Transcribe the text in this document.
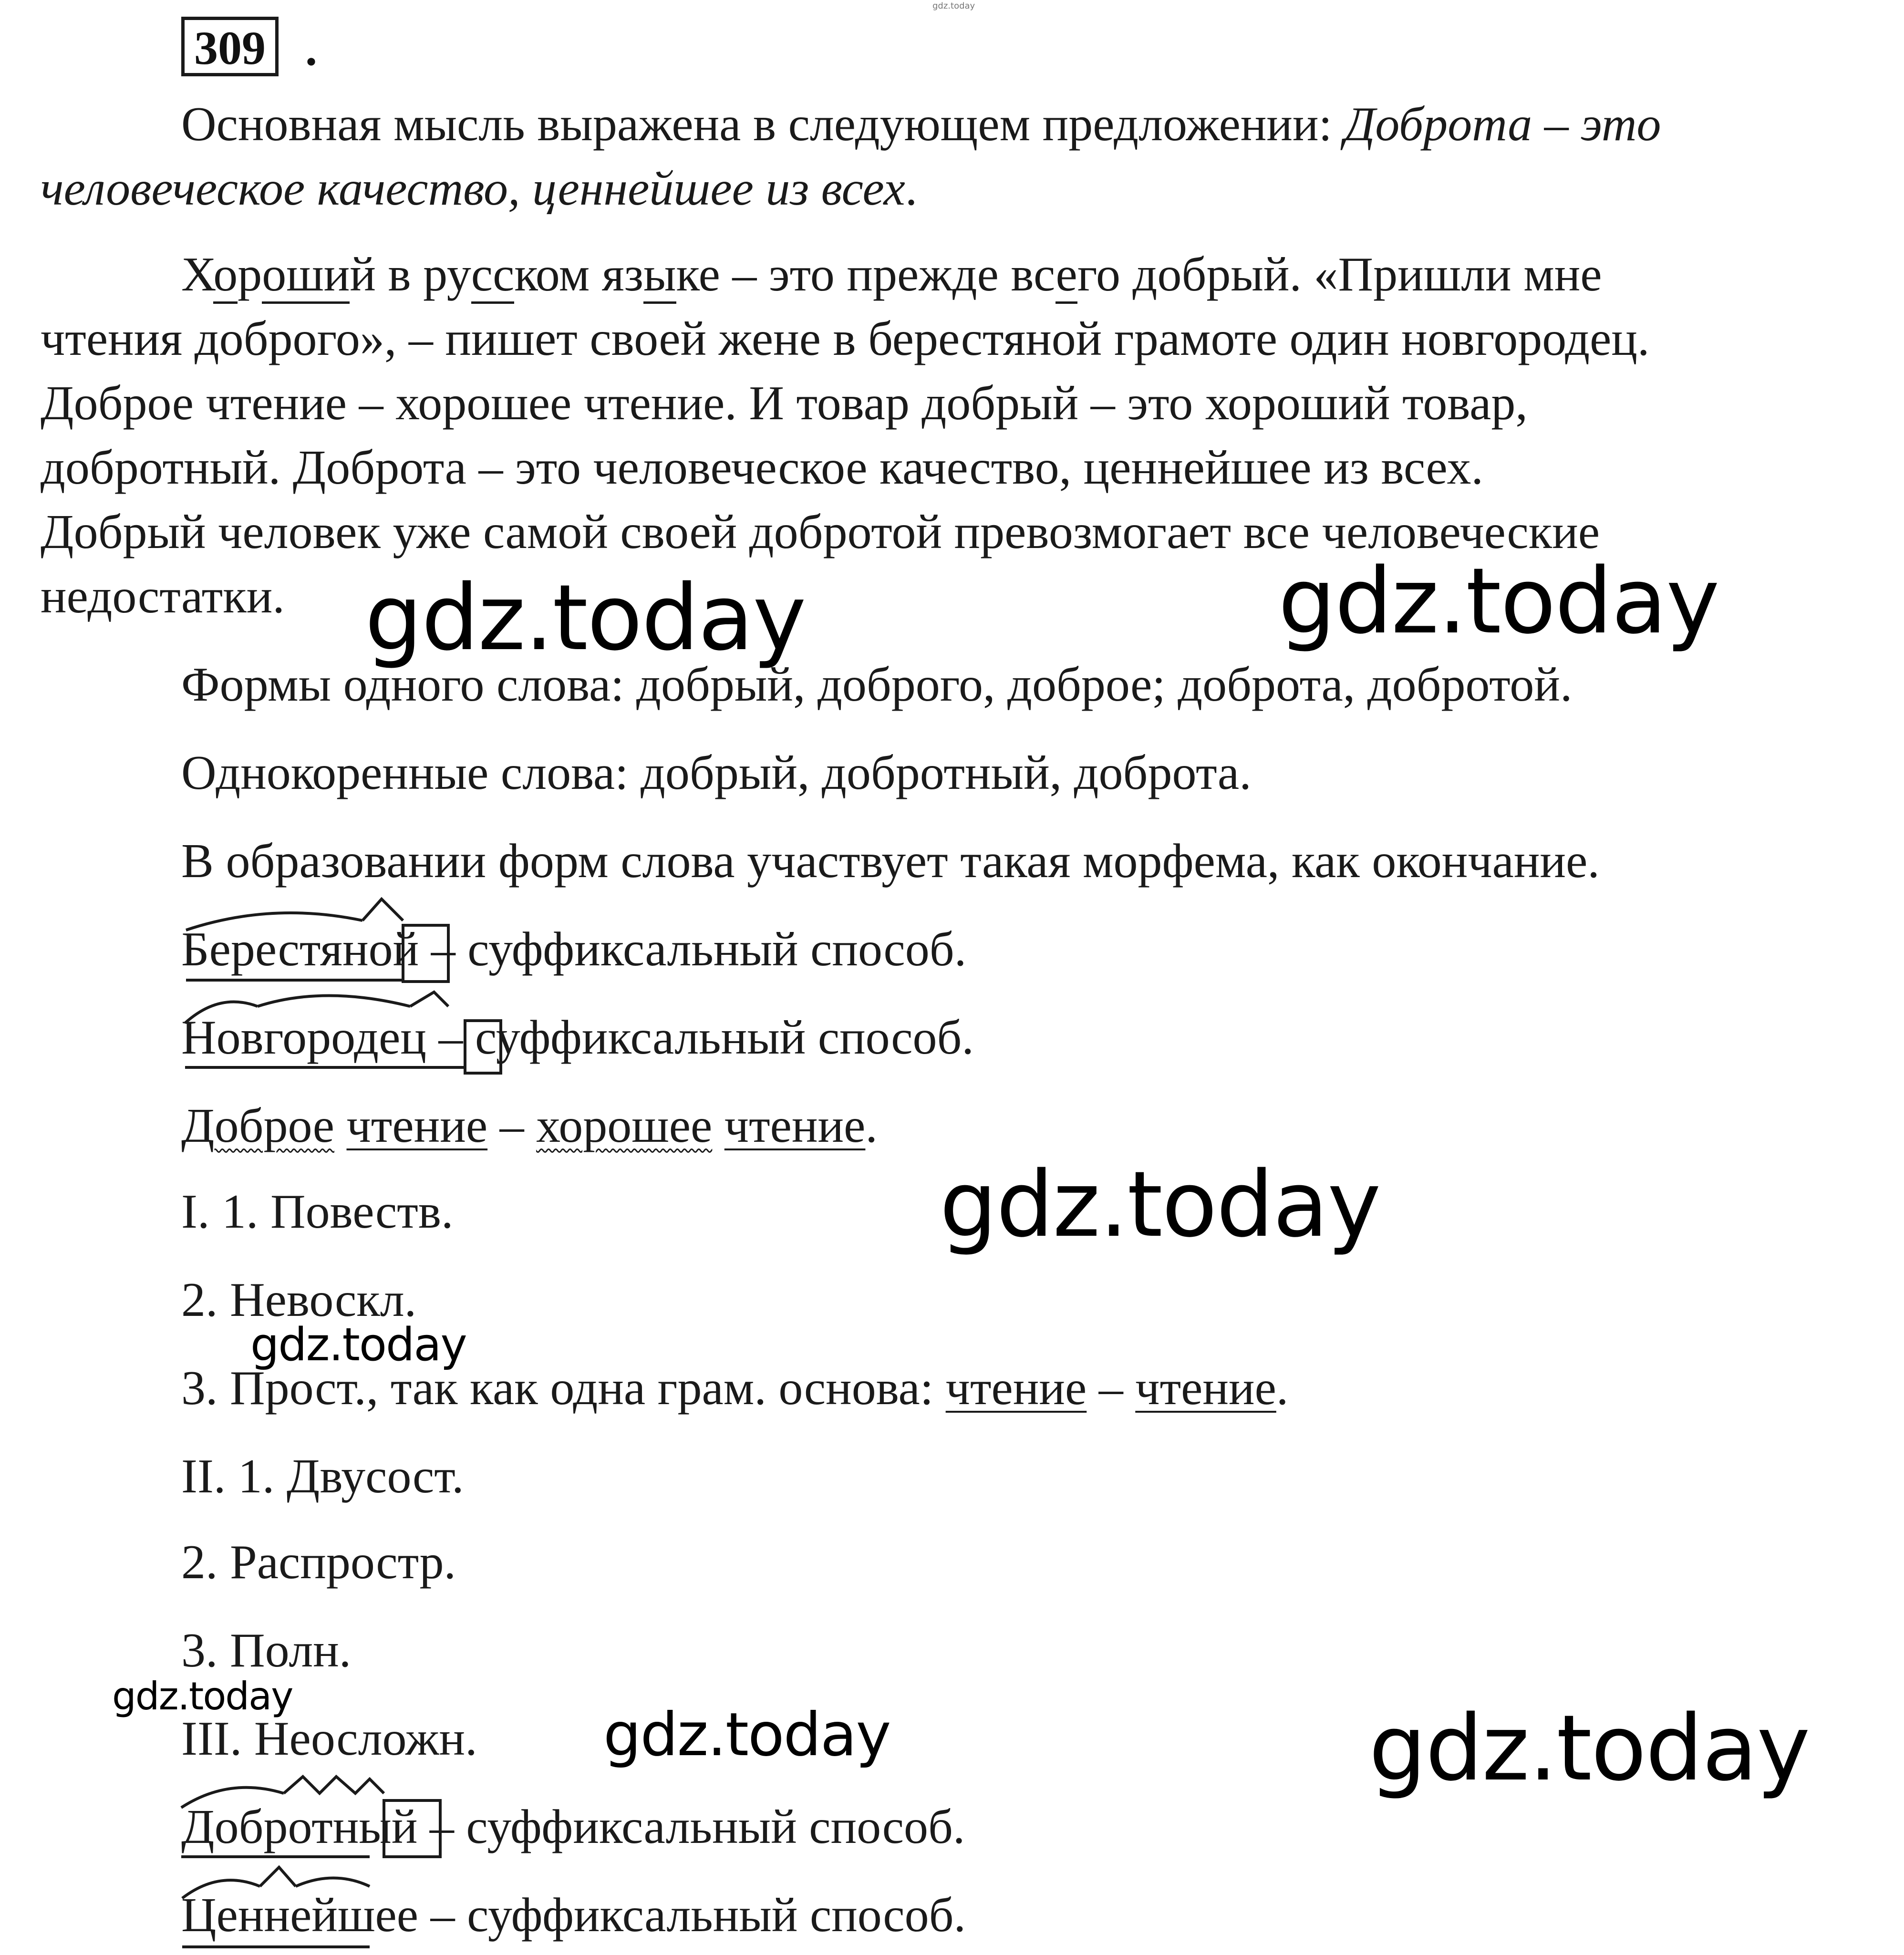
gdz.today
309 .
Основная мысль выражена в следующем предложении: Доброта – это
человеческое качество, ценнейшее из всех.
Хороший в русском языке – это прежде всего добрый. «Пришли мне
чтения доброго», – пишет своей жене в берестяной грамоте один новгородец.
Доброе чтение – хорошее чтение. И товар добрый – это хороший товар,
добротный. Доброта – это человеческое качество, ценнейшее из всех.
Добрый человек уже самой своей добротой превозмогает все человеческие
недостатки. gdz.today	gdz.today
Формы одного слова: добрый, доброго, доброе; доброта, добротой.
Однокоренные слова: добрый, добротный, доброта.
В образовании форм слова участвует такая морфема, как окончание.
Берестяной – суффиксальный способ.
Новгородец – суффиксальный способ.
Доброе чтение – хорошее чтение.
gdz.today
I. 1. Повеств.
2. Невоскл.
gdz.today
3. Прост., так как одна грам. основа: чтение – чтение.
II. 1. Двусост.
2. Распростр.
3. Полн.
gdz.today
III. Неосложн. gdz.today	gdz.today
Добротный – суффиксальный способ.
Ценнейшее – суффиксальный способ.
